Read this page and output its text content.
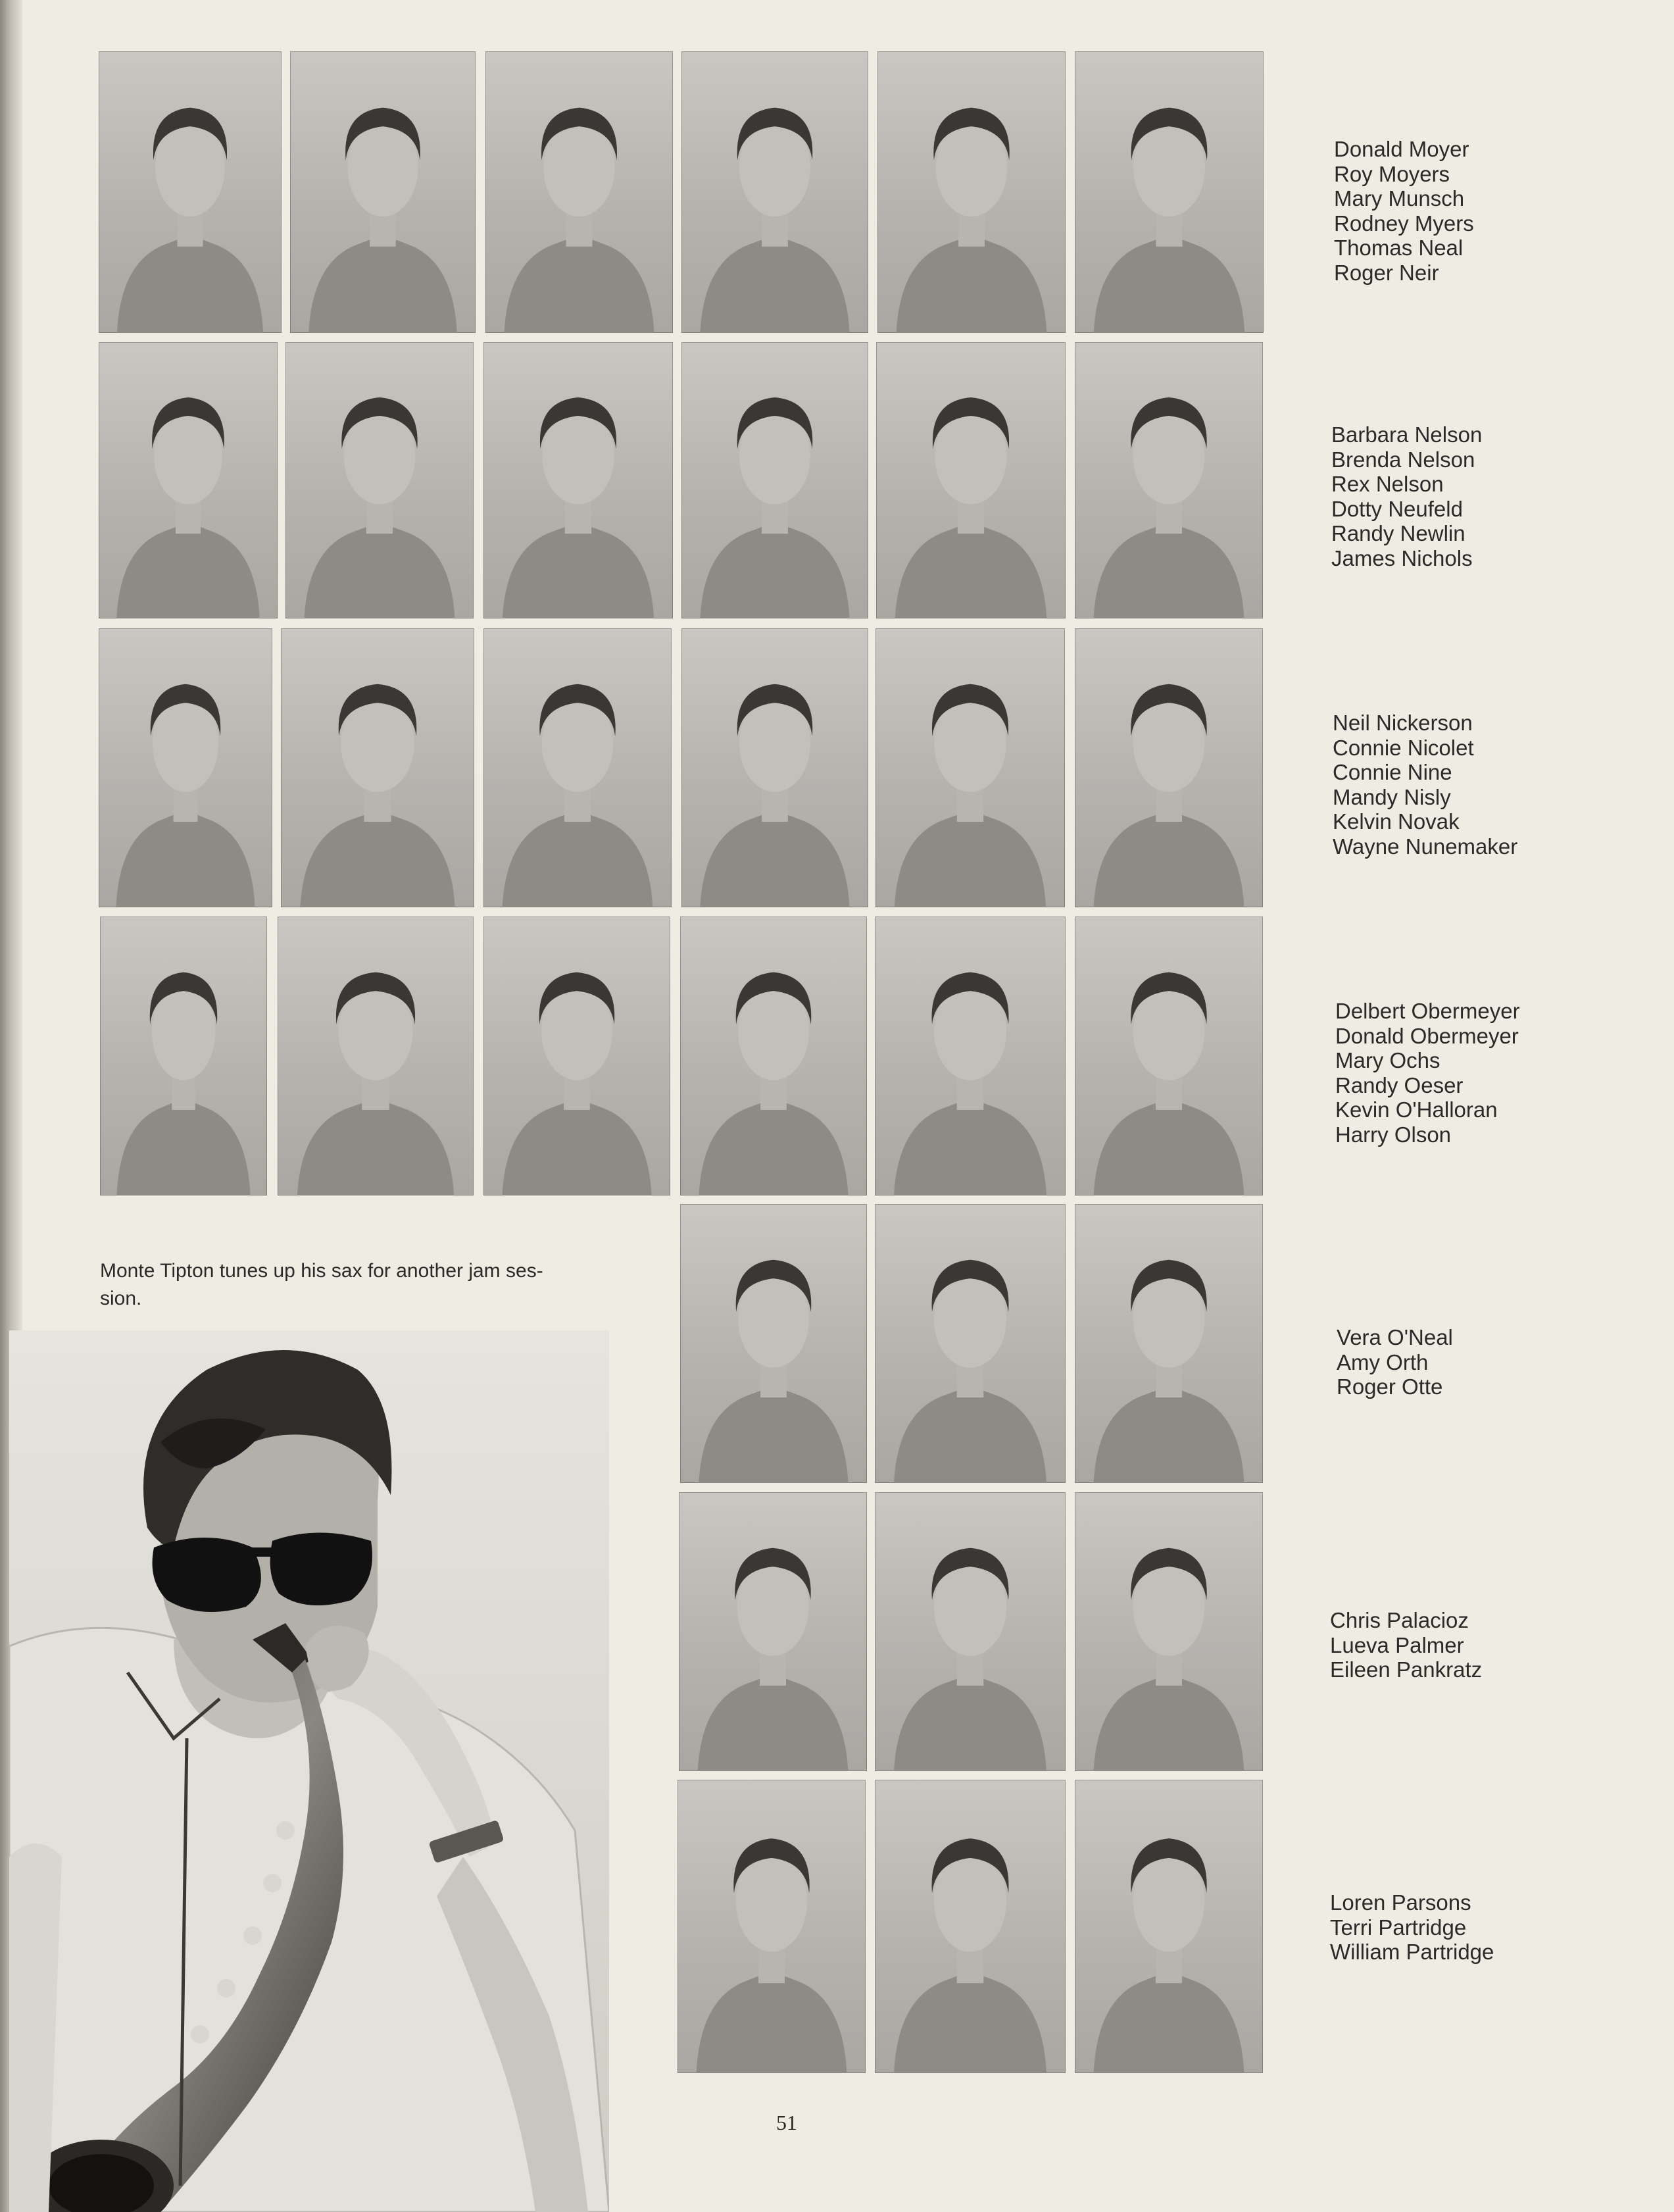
Donald Moyer
Roy Moyers
Mary Munsch
Rodney Myers
Thomas Neal
Roger Neir
Barbara Nelson
Brenda Nelson
Rex Nelson
Dotty Neufeld
Randy Newlin
James Nichols
Neil Nickerson
Connie Nicolet
Connie Nine
Mandy Nisly
Kelvin Novak
Wayne Nunemaker
Delbert Obermeyer
Donald Obermeyer
Mary Ochs
Randy Oeser
Kevin O'Halloran
Harry Olson
Vera O'Neal
Amy Orth
Roger Otte
Chris Palacioz
Lueva Palmer
Eileen Pankratz
Loren Parsons
Terri Partridge
William Partridge
Monte Tipton tunes up his sax for another jam ses-
sion.
51
